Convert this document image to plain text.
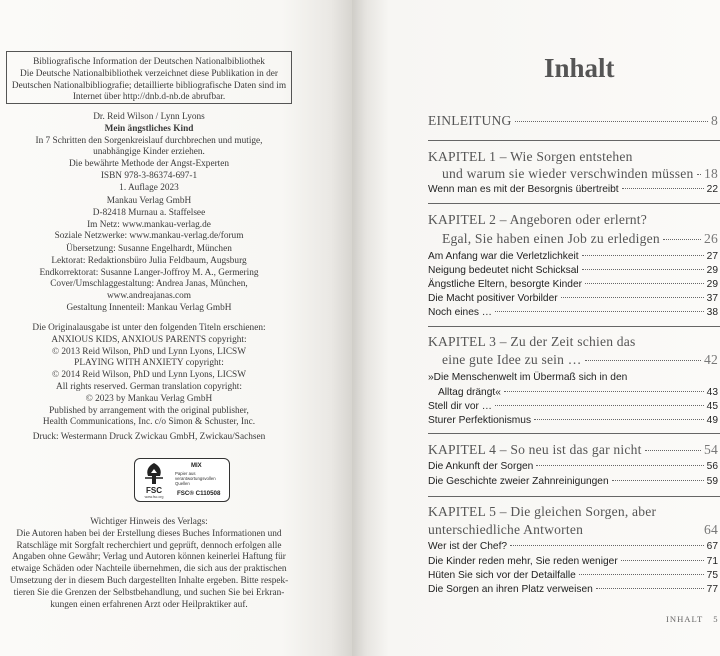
Bibliografische Information der Deutschen Nationalbibliothek
Die Deutsche Nationalbibliothek verzeichnet diese Publikation in der
Deutschen Nationalbibliografie; detaillierte bibliografische Daten sind im
Internet über http://dnb.d-nb.de abrufbar.
Dr. Reid Wilson / Lynn Lyons
Mein ängstliches Kind
In 7 Schritten den Sorgenkreislauf durchbrechen und mutige,
unabhängige Kinder erziehen.
Die bewährte Methode der Angst-Experten
ISBN 978-3-86374-697-1
1. Auflage 2023
Mankau Verlag GmbH
D-82418 Murnau a. Staffelsee
Im Netz: www.mankau-verlag.de
Soziale Netzwerke: www.mankau-verlag.de/forum
Übersetzung: Susanne Engelhardt, München
Lektorat: Redaktionsbüro Julia Feldbaum, Augsburg
Endkorrektorat: Susanne Langer-Joffroy M. A., Germering
Cover/Umschlaggestaltung: Andrea Janas, München,
www.andreajanas.com
Gestaltung Innenteil: Mankau Verlag GmbH
Die Originalausgabe ist unter den folgenden Titeln erschienen:
ANXIOUS KIDS, ANXIOUS PARENTS copyright:
© 2013 Reid Wilson, PhD und Lynn Lyons, LICSW
PLAYING WITH ANXIETY copyright:
© 2014 Reid Wilson, PhD und Lynn Lyons, LICSW
All rights reserved. German translation copyright:
© 2023 by Mankau Verlag GmbH
Published by arrangement with the original publisher,
Health Communications, Inc. c/o Simon & Schuster, Inc.
Druck: Westermann Druck Zwickau GmbH, Zwickau/Sachsen
FSC
www.fsc.org
MIX
Papier aus verantwortungsvollen Quellen
FSC® C110508
Wichtiger Hinweis des Verlags:
Die Autoren haben bei der Erstellung dieses Buches Informationen und
Ratschläge mit Sorgfalt recherchiert und geprüft, dennoch erfolgen alle
Angaben ohne Gewähr; Verlag und Autoren können keinerlei Haftung für
etwaige Schäden oder Nachteile übernehmen, die sich aus der praktischen
Umsetzung der in diesem Buch dargestellten Inhalte ergeben. Bitte respek-
tieren Sie die Grenzen der Selbstbehandlung, und suchen Sie bei Erkran-
kungen einen erfahrenen Arzt oder Heilpraktiker auf.
Inhalt
EINLEITUNG	8
KAPITEL 1 – Wie Sorgen entstehen
und warum sie wieder verschwinden müssen 18
Wenn man es mit der Besorgnis übertreibt	22
KAPITEL 2 – Angeboren oder erlernt?
Egal, Sie haben einen Job zu erledigen	26
Am Anfang war die Verletzlichkeit	27
Neigung bedeutet nicht Schicksal	29
Ängstliche Eltern, besorgte Kinder	29
Die Macht positiver Vorbilder	37
Noch eines …	38
KAPITEL 3 – Zu der Zeit schien das
eine gute Idee zu sein …	42
»Die Menschenwelt im Übermaß sich in den
Alltag drängt«	43
Stell dir vor …	45
Sturer Perfektionismus	49
KAPITEL 4 – So neu ist das gar nicht	54
Die Ankunft der Sorgen	56
Die Geschichte zweier Zahnreinigungen	59
KAPITEL 5 – Die gleichen Sorgen, aber
unterschiedliche Antworten	64
Wer ist der Chef?	67
Die Kinder reden mehr, Sie reden weniger	71
Hüten Sie sich vor der Detailfalle	75
Die Sorgen an ihren Platz verweisen	77
INHALT 5
